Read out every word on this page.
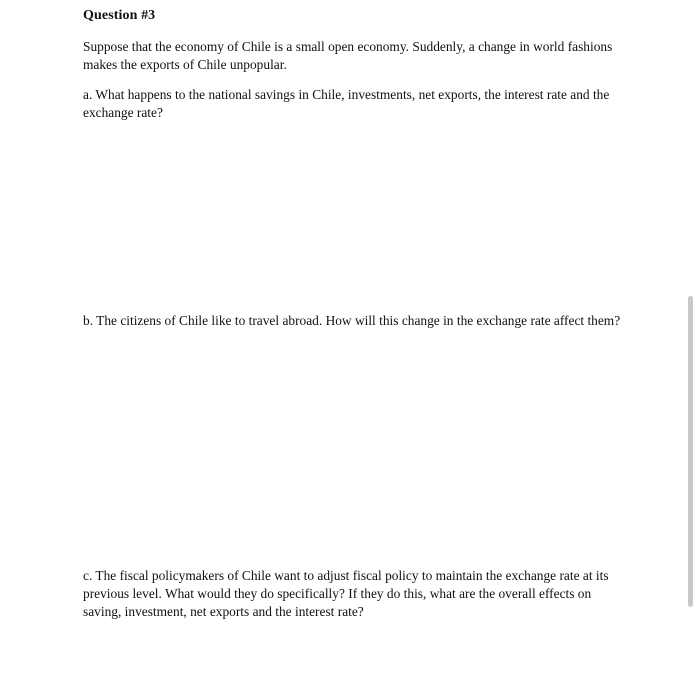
Question #3

Suppose that the economy of Chile is a small open economy. Suddenly, a change in world fashions makes the exports of Chile unpopular.

a. What happens to the national savings in Chile, investments, net exports, the interest rate and the exchange rate?

b. The citizens of Chile like to travel abroad. How will this change in the exchange rate affect them?

c. The fiscal policymakers of Chile want to adjust fiscal policy to maintain the exchange rate at its previous level. What would they do specifically? If they do this, what are the overall effects on saving, investment, net exports and the interest rate?
